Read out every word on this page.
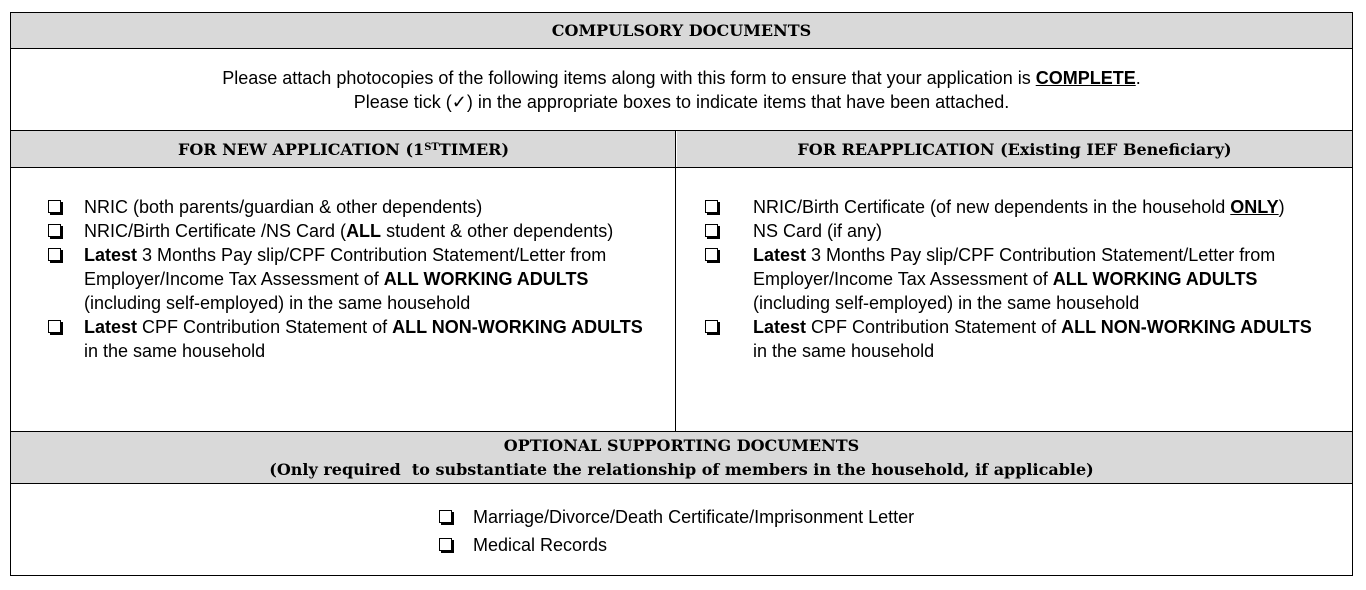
COMPULSORY DOCUMENTS
Please attach photocopies of the following items along with this form to ensure that your application is COMPLETE.
Please tick (✓) in the appropriate boxes to indicate items that have been attached.
FOR NEW APPLICATION (1ST TIMER)	FOR REAPPLICATION (Existing IEF Beneficiary)
NRIC (both parents/guardian & other dependents)
NRIC/Birth Certificate /NS Card (ALL student & other dependents)
Latest 3 Months Pay slip/CPF Contribution Statement/Letter from Employer/Income Tax Assessment of ALL WORKING ADULTS (including self-employed) in the same household
Latest CPF Contribution Statement of ALL NON-WORKING ADULTS in the same household
NRIC/Birth Certificate (of new dependents in the household ONLY)
NS Card (if any)
Latest 3 Months Pay slip/CPF Contribution Statement/Letter from Employer/Income Tax Assessment of ALL WORKING ADULTS (including self-employed) in the same household
Latest CPF Contribution Statement of ALL NON-WORKING ADULTS in the same household
OPTIONAL SUPPORTING DOCUMENTS
(Only required  to substantiate the relationship of members in the household, if applicable)
Marriage/Divorce/Death Certificate/Imprisonment Letter
Medical Records
